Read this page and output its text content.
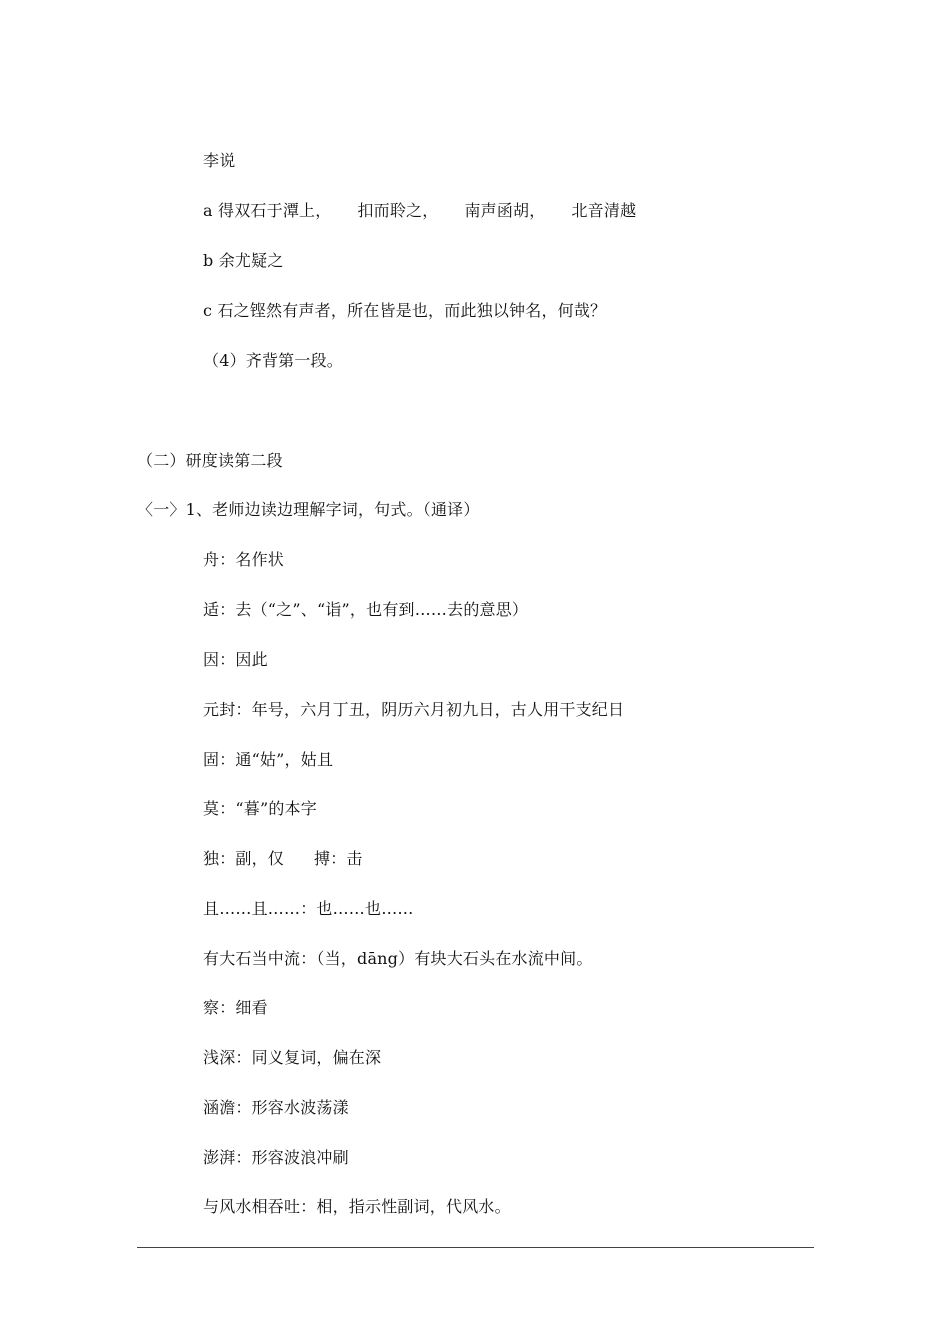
李说
a 得双石于潭上， 扣而聆之， 南声函胡， 北音清越
b 余尤疑之
c 石之铿然有声者，所在皆是也，而此独以钟名，何哉？
（4）齐背第一段。
（二）研度读第二段
〈一〉1、老师边读边理解字词，句式。（通译）
舟：名作状
适：去（“之”、“诣”，也有到……去的意思）
因：因此
元封：年号，六月丁丑，阴历六月初九日，古人用干支纪日
固：通“姑”，姑且
莫：“暮”的本字
独：副，仅 搏：击
且……且……：也……也……
有大石当中流：（当，dāng）有块大石头在水流中间。
察：细看
浅深：同义复词，偏在深
涵澹：形容水波荡漾
澎湃：形容波浪冲刷
与风水相吞吐：相，指示性副词，代风水。
